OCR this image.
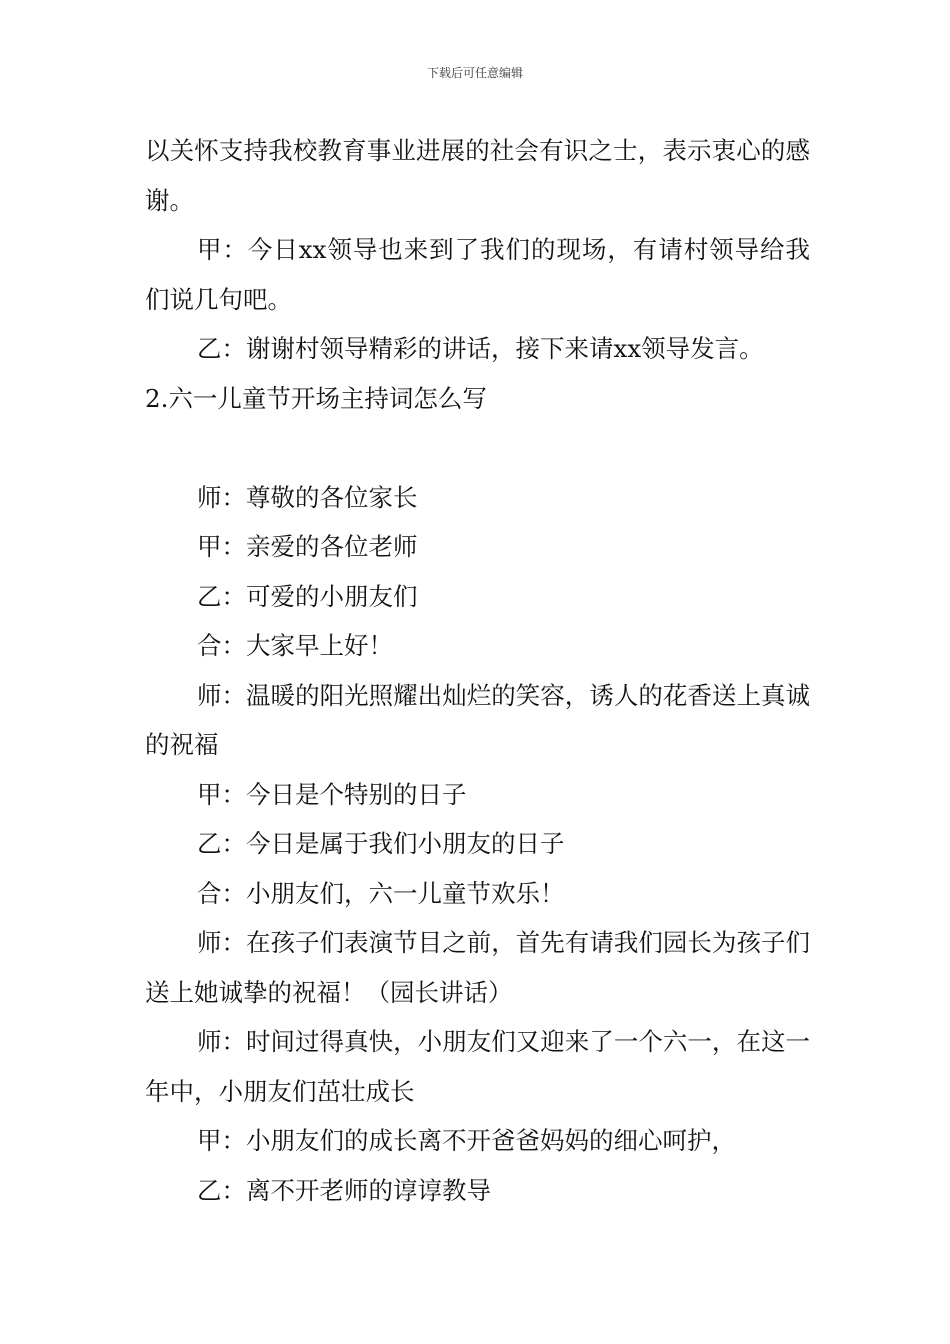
下载后可任意编辑

以关怀支持我校教育事业进展的社会有识之士，表示衷心的感谢。

甲：今日xx领导也来到了我们的现场，有请村领导给我们说几句吧。

乙：谢谢村领导精彩的讲话，接下来请xx领导发言。

2.六一儿童节开场主持词怎么写

师：尊敬的各位家长

甲：亲爱的各位老师

乙：可爱的小朋友们

合：大家早上好！

师：温暖的阳光照耀出灿烂的笑容，诱人的花香送上真诚的祝福

甲：今日是个特别的日子

乙：今日是属于我们小朋友的日子

合：小朋友们，六一儿童节欢乐！

师：在孩子们表演节目之前，首先有请我们园长为孩子们送上她诚挚的祝福！（园长讲话）

师：时间过得真快，小朋友们又迎来了一个六一，在这一年中，小朋友们茁壮成长

甲：小朋友们的成长离不开爸爸妈妈的细心呵护，

乙：离不开老师的谆谆教导
